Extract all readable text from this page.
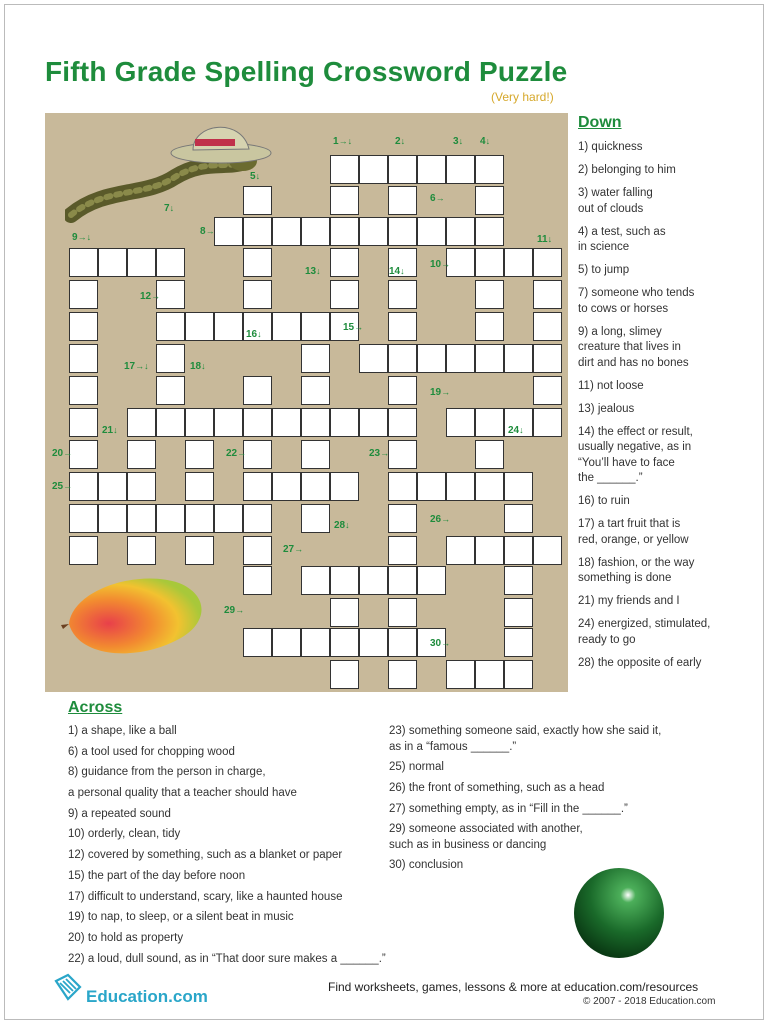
Fifth Grade Spelling Crossword Puzzle
(Very hard!)
1→↓	2↓	3↓ 4↓
5↓
6→
7↓
8→
9→↓
10→
11↓
12→
13↓	14↓
15→
16↓
17→↓	18↓
19→
20→
21↓
22→	23→
24↓
25→
26→
27→
28↓
29→
30→
Down
1) quickness
2) belonging to him
3) water falling
out of clouds
4) a test, such as
in science
5) to jump
7) someone who tends
to cows or horses
9) a long, slimey
creature that lives in
dirt and has no bones
11) not loose
13) jealous
14) the effect or result,
usually negative, as in
“You’ll have to face
the ______.”
16) to ruin
17) a tart fruit that is
red, orange, or yellow
18) fashion, or the way
something is done
21) my friends and I
24) energized, stimulated,
ready to go
28) the opposite of early
Across
1) a shape, like a ball
6) a tool used for chopping wood
8) guidance from the person in charge,
a personal quality that a teacher should have
9) a repeated sound
10) orderly, clean, tidy
12) covered by something, such as a blanket or paper
15) the part of the day before noon
17) difficult to understand, scary, like a haunted house
19) to nap, to sleep, or a silent beat in music
20) to hold as property
22) a loud, dull sound, as in “That door sure makes a ______.”
23) something someone said, exactly how she said it,
as in a “famous ______.”
25) normal
26) the front of something, such as a head
27) something empty, as in “Fill in the ______.”
29) someone associated with another,
such as in business or dancing
30) conclusion
Education.com	Find worksheets, games, lessons & more at education.com/resources
© 2007 - 2018 Education.com
